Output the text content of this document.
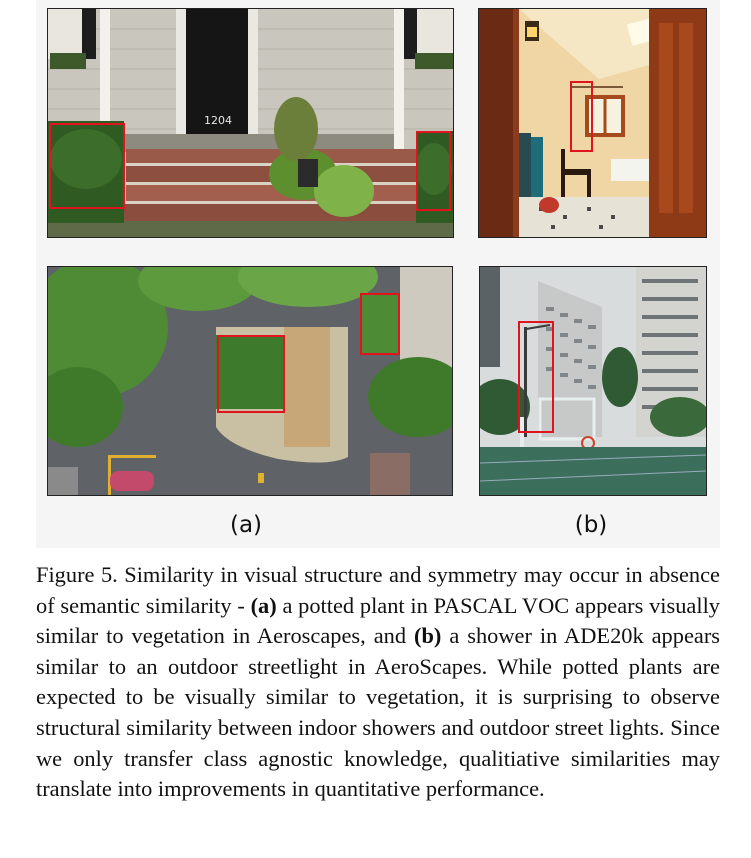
1204
(a)	(b)
Figure 5. Similarity in visual structure and symmetry may occur in absence of semantic similarity - (a) a potted plant in PASCAL VOC appears visually similar to vegetation in Aeroscapes, and (b) a shower in ADE20k appears similar to an outdoor streetlight in AeroScapes. While potted plants are expected to be visually similar to vegetation, it is surprising to observe structural similarity between indoor showers and outdoor street lights. Since we only transfer class agnostic knowledge, qualitiative similarities may translate into improvements in quantitative performance.
